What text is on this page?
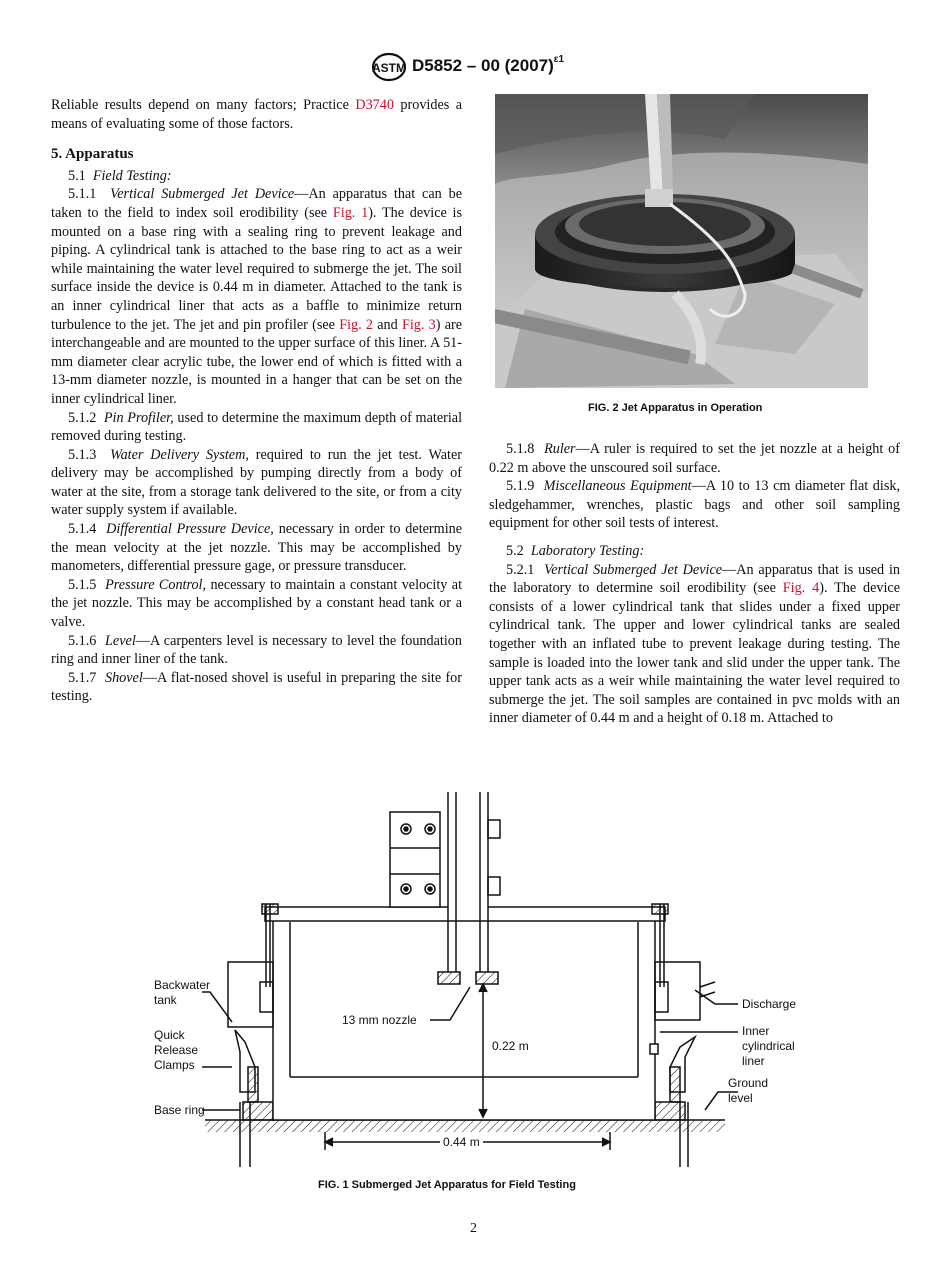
ASTM D5852 – 00 $(2007)^{\varepsilon 1}$

Reliable results depend on many factors; Practice D3740 provides a means of evaluating some of those factors.

5. Apparatus

5.1 Field Testing:

5.1.1 Vertical Submerged Jet Device—An apparatus that can be taken to the field to index soil erodibility (see Fig. 1). The device is mounted on a base ring with a sealing ring to prevent leakage and piping. A cylindrical tank is attached to the base ring to act as a weir while maintaining the water level required to submerge the jet. The soil surface inside the device is 0.44 m in diameter. Attached to the tank is an inner cylindrical liner that acts as a baffle to minimize return turbulence to the jet. The jet and pin profiler (see Fig. 2 and Fig. 3) are interchangeable and are mounted to the upper surface of this liner. A 51-mm diameter clear acrylic tube, the lower end of which is fitted with a 13-mm diameter nozzle, is mounted in a hanger that can be set on the inner cylindrical liner.

5.1.2 Pin Profiler, used to determine the maximum depth of material removed during testing.

5.1.3 Water Delivery System, required to run the jet test. Water delivery may be accomplished by pumping directly from a body of water at the site, from a storage tank delivered to the site, or from a city water supply system if available.

5.1.4 Differential Pressure Device, necessary in order to determine the mean velocity at the jet nozzle. This may be accomplished by manometers, differential pressure gage, or pressure transducer.

5.1.5 Pressure Control, necessary to maintain a constant velocity at the jet nozzle. This may be accomplished by a constant head tank or a valve.

5.1.6 Level—A carpenters level is necessary to level the foundation ring and inner liner of the tank.

5.1.7 Shovel—A flat-nosed shovel is useful in preparing the site for testing.

FIG. 2 Jet Apparatus in Operation

5.1.8 Ruler—A ruler is required to set the jet nozzle at a height of 0.22 m above the unscoured soil surface.

5.1.9 Miscellaneous Equipment—A 10 to 13 cm diameter flat disk, sledgehammer, wrenches, plastic bags and other soil sampling equipment for other soil tests of interest.

5.2 Laboratory Testing:

5.2.1 Vertical Submerged Jet Device—An apparatus that is used in the laboratory to determine soil erodibility (see Fig. 4). The device consists of a lower cylindrical tank that slides under a fixed upper cylindrical tank. The upper and lower cylindrical tanks are sealed together with an inflated tube to prevent leakage during testing. The sample is loaded into the lower tank and slid under the upper tank. The upper tank acts as a weir while maintaining the water level required to submerge the jet. The soil samples are contained in pvc molds with an inner diameter of 0.44 m and a height of 0.18 m. Attached to

Backwater
tank
Quick
Release
Clamps
Base ring
13 mm nozzle
0.22 m
0.44 m
Discharge
Inner
cylindrical
liner
Ground
level
FIG. 1 Submerged Jet Apparatus for Field Testing
2
